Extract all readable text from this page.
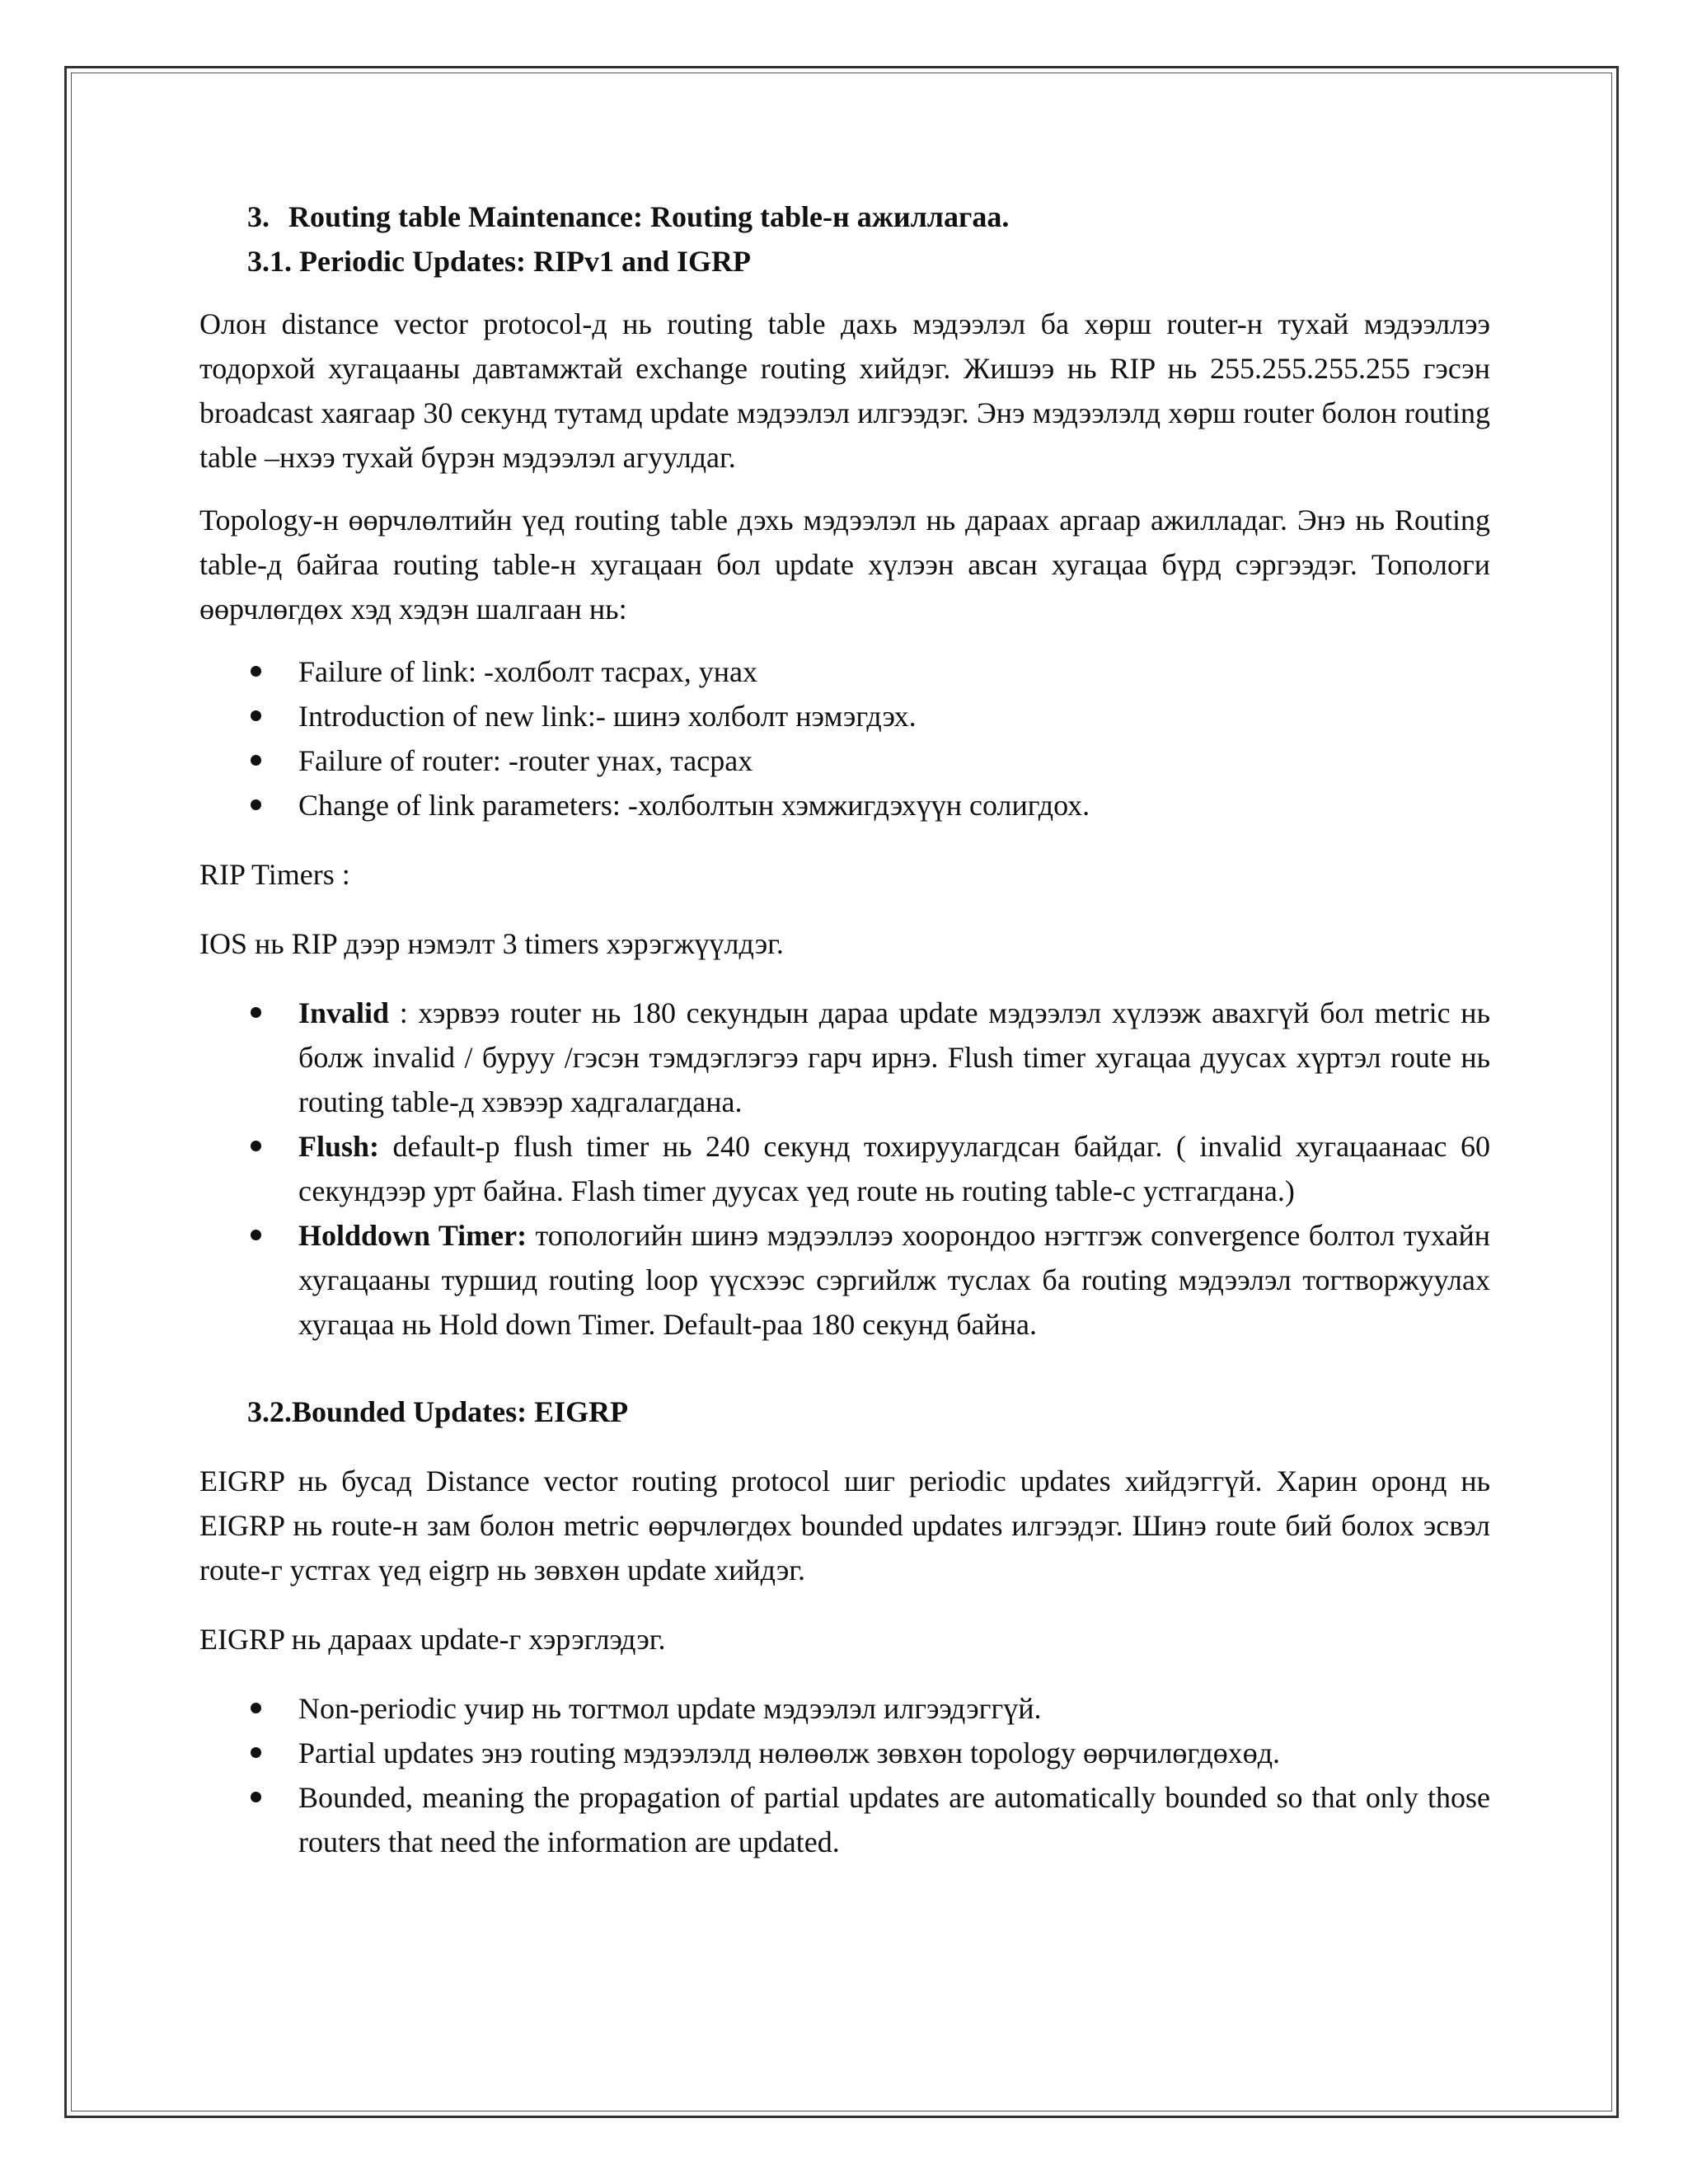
3. Routing table Maintenance: Routing table-н ажиллагаа.
3.1. Periodic Updates: RIPv1 and IGRP

Олон distance vector protocol-д нь routing table дахь мэдээлэл ба хөрш router-н тухай мэдээллээ тодорхой хугацааны давтамжтай exchange routing хийдэг. Жишээ нь RIP нь 255.255.255.255 гэсэн broadcast хаягаар 30 секунд тутамд update мэдээлэл илгээдэг. Энэ мэдээлэлд хөрш router болон routing table –нхээ тухай бүрэн мэдээлэл агуулдаг.

Topology-н өөрчлөлтийн үед routing table дэхь мэдээлэл нь дараах аргаар ажилладаг. Энэ нь Routing table-д байгаа routing table-н хугацаан бол update хүлээн авсан хугацаа бүрд сэргээдэг. Топологи өөрчлөгдөх хэд хэдэн шалгаан нь:

Failure of link: -холболт тасрах, унах
Introduction of new link:- шинэ холболт нэмэгдэх.
Failure of router: -router унах, тасрах
Change of link parameters: -холболтын хэмжигдэхүүн солигдох.

RIP Timers :

IOS нь RIP дээр нэмэлт 3 timers хэрэгжүүлдэг.

Invalid : хэрвээ router нь 180 секундын дараа update мэдээлэл хүлээж авахгүй бол metric нь болж invalid / буруу /гэсэн тэмдэглэгээ гарч ирнэ. Flush timer хугацаа дуусах хүртэл route нь routing table-д хэвээр хадгалагдана.
Flush: default-р flush timer нь 240 секунд тохируулагдсан байдаг. ( invalid хугацаанаас 60 секундээр урт байна. Flash timer дуусах үед route нь routing table-с устгагдана.)
Holddown Timer: топологийн шинэ мэдээллээ хоорондоо нэгтгэж convergence болтол тухайн хугацааны туршид routing loop үүсхээс сэргийлж туслах ба routing мэдээлэл тогтворжуулах хугацаа нь Hold down Timer. Default-раа 180 секунд байна.
3.2.Bounded Updates: EIGRP

EIGRP нь бусад Distance vector routing protocol шиг periodic updates хийдэггүй. Харин оронд нь EIGRP нь route-н зам болон metric өөрчлөгдөх bounded updates илгээдэг. Шинэ route бий болох эсвэл route-г устгах үед eigrp нь зөвхөн update хийдэг.

EIGRP нь дараах update-г хэрэглэдэг.

Non-periodic учир нь тогтмол update мэдээлэл илгээдэггүй.
Partial updates энэ routing мэдээлэлд нөлөөлж зөвхөн topology өөрчилөгдөхөд.
Bounded, meaning the propagation of partial updates are automatically bounded so that only those routers that need the information are updated.
